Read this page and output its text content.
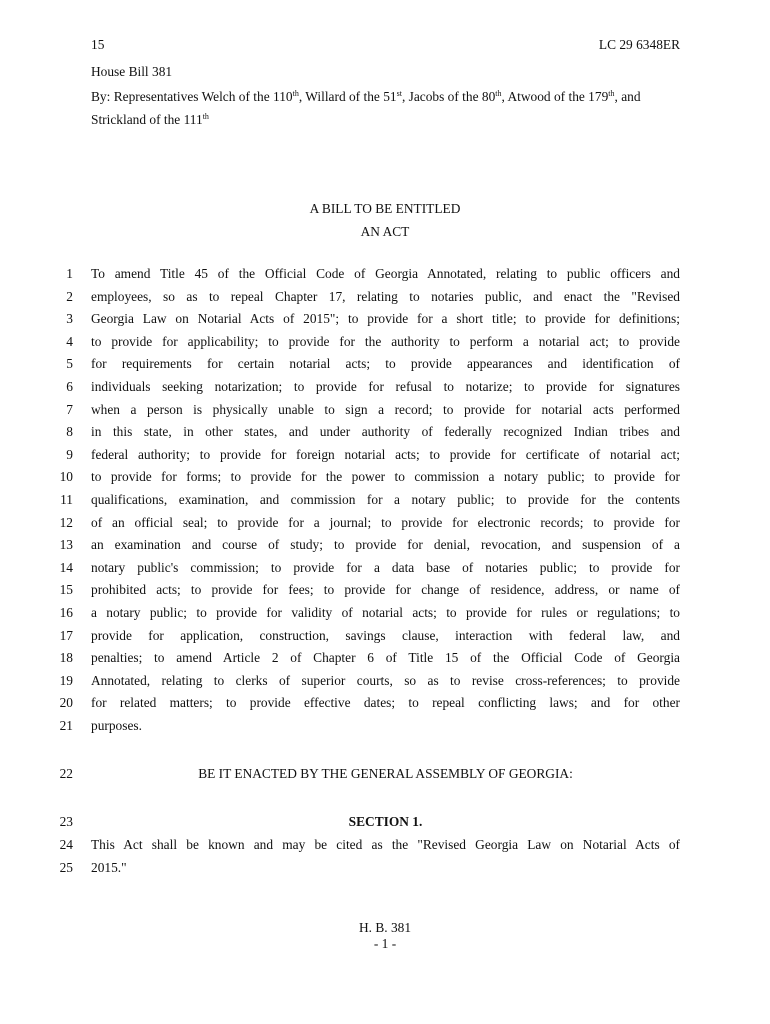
15	LC 29 6348ER
House Bill 381
By: Representatives Welch of the 110th, Willard of the 51st, Jacobs of the 80th, Atwood of the 179th, and Strickland of the 111th
A BILL TO BE ENTITLED
AN ACT
1 To amend Title 45 of the Official Code of Georgia Annotated, relating to public officers and
2 employees, so as to repeal Chapter 17, relating to notaries public, and enact the "Revised
3 Georgia Law on Notarial Acts of 2015"; to provide for a short title; to provide for definitions;
4 to provide for applicability; to provide for the authority to perform a notarial act; to provide
5 for requirements for certain notarial acts; to provide appearances and identification of
6 individuals seeking notarization; to provide for refusal to notarize; to provide for signatures
7 when a person is physically unable to sign a record; to provide for notarial acts performed
8 in this state, in other states, and under authority of federally recognized Indian tribes and
9 federal authority; to provide for foreign notarial acts; to provide for certificate of notarial act;
10 to provide for forms; to provide for the power to commission a notary public; to provide for
11 qualifications, examination, and commission for a notary public; to provide for the contents
12 of an official seal; to provide for a journal; to provide for electronic records; to provide for
13 an examination and course of study; to provide for denial, revocation, and suspension of a
14 notary public's commission; to provide for a data base of notaries public; to provide for
15 prohibited acts; to provide for fees; to provide for change of residence, address, or name of
16 a notary public; to provide for validity of notarial acts; to provide for rules or regulations; to
17 provide for application, construction, savings clause, interaction with federal law, and
18 penalties; to amend Article 2 of Chapter 6 of Title 15 of the Official Code of Georgia
19 Annotated, relating to clerks of superior courts, so as to revise cross-references; to provide
20 for related matters; to provide effective dates; to repeal conflicting laws; and for other
21 purposes.
22	BE IT ENACTED BY THE GENERAL ASSEMBLY OF GEORGIA:
23	SECTION 1.
24 This Act shall be known and may be cited as the "Revised Georgia Law on Notarial Acts of
25 2015."
H. B. 381
- 1 -
